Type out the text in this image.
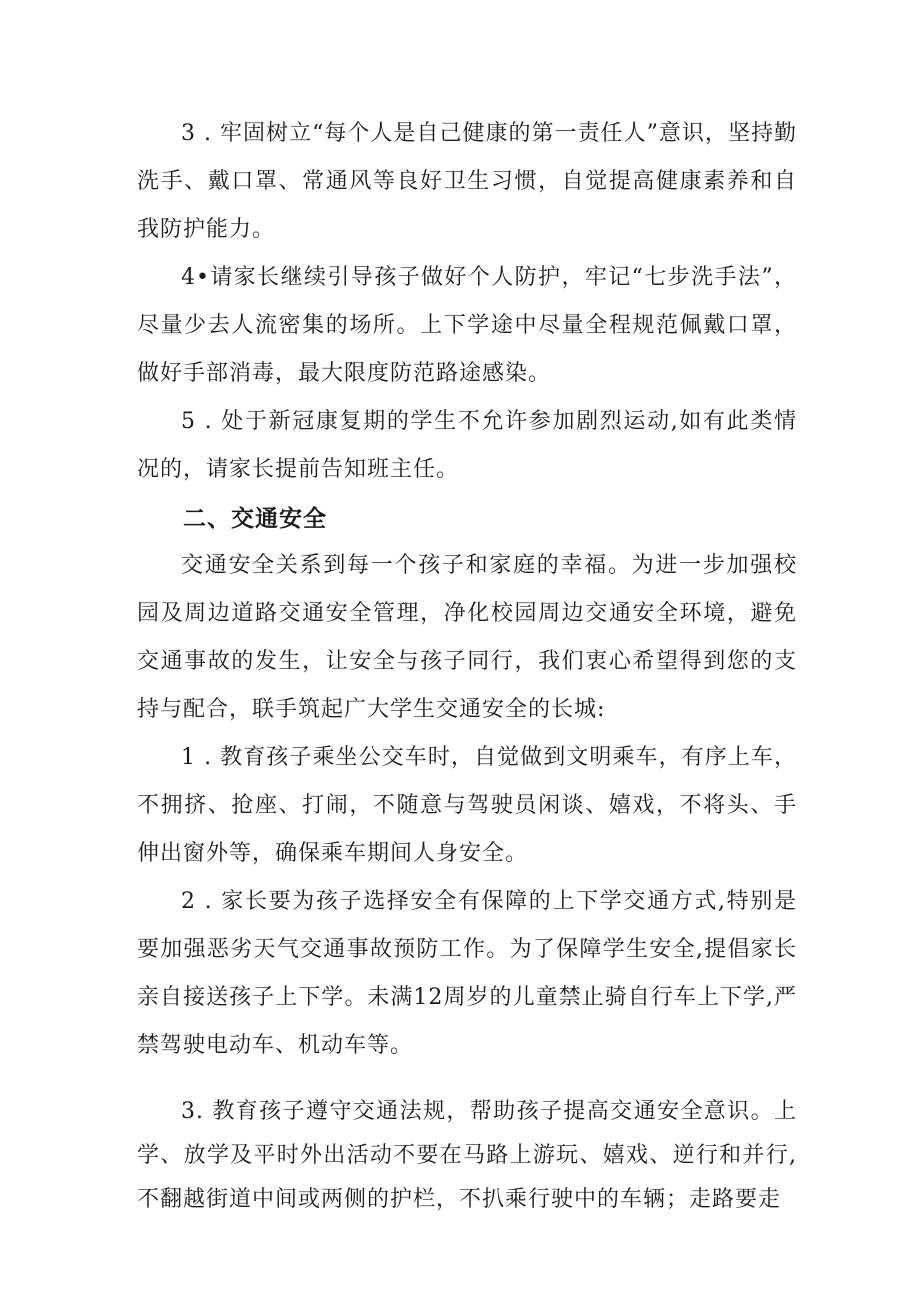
3 . 牢固树立“每个人是自己健康的第一责任人”意识，坚持勤洗手、戴口罩、常通风等良好卫生习惯，自觉提高健康素养和自我防护能力。

4•请家长继续引导孩子做好个人防护，牢记“七步洗手法”，尽量少去人流密集的场所。上下学途中尽量全程规范佩戴口罩，做好手部消毒，最大限度防范路途感染。

5 . 处于新冠康复期的学生不允许参加剧烈运动,如有此类情况的，请家长提前告知班主任。

二、交通安全

交通安全关系到每一个孩子和家庭的幸福。为进一步加强校园及周边道路交通安全管理，净化校园周边交通安全环境，避免交通事故的发生，让安全与孩子同行，我们衷心希望得到您的支持与配合，联手筑起广大学生交通安全的长城:

1 . 教育孩子乘坐公交车时，自觉做到文明乘车，有序上车，不拥挤、抢座、打闹，不随意与驾驶员闲谈、嬉戏，不将头、手伸出窗外等，确保乘车期间人身安全。

2 . 家长要为孩子选择安全有保障的上下学交通方式,特别是要加强恶劣天气交通事故预防工作。为了保障学生安全,提倡家长亲自接送孩子上下学。未满12周岁的儿童禁止骑自行车上下学,严禁驾驶电动车、机动车等。

3. 教育孩子遵守交通法规，帮助孩子提高交通安全意识。上学、放学及平时外出活动不要在马路上游玩、嬉戏、逆行和并行,不翻越街道中间或两侧的护栏，不扒乘行驶中的车辆；走路要走
